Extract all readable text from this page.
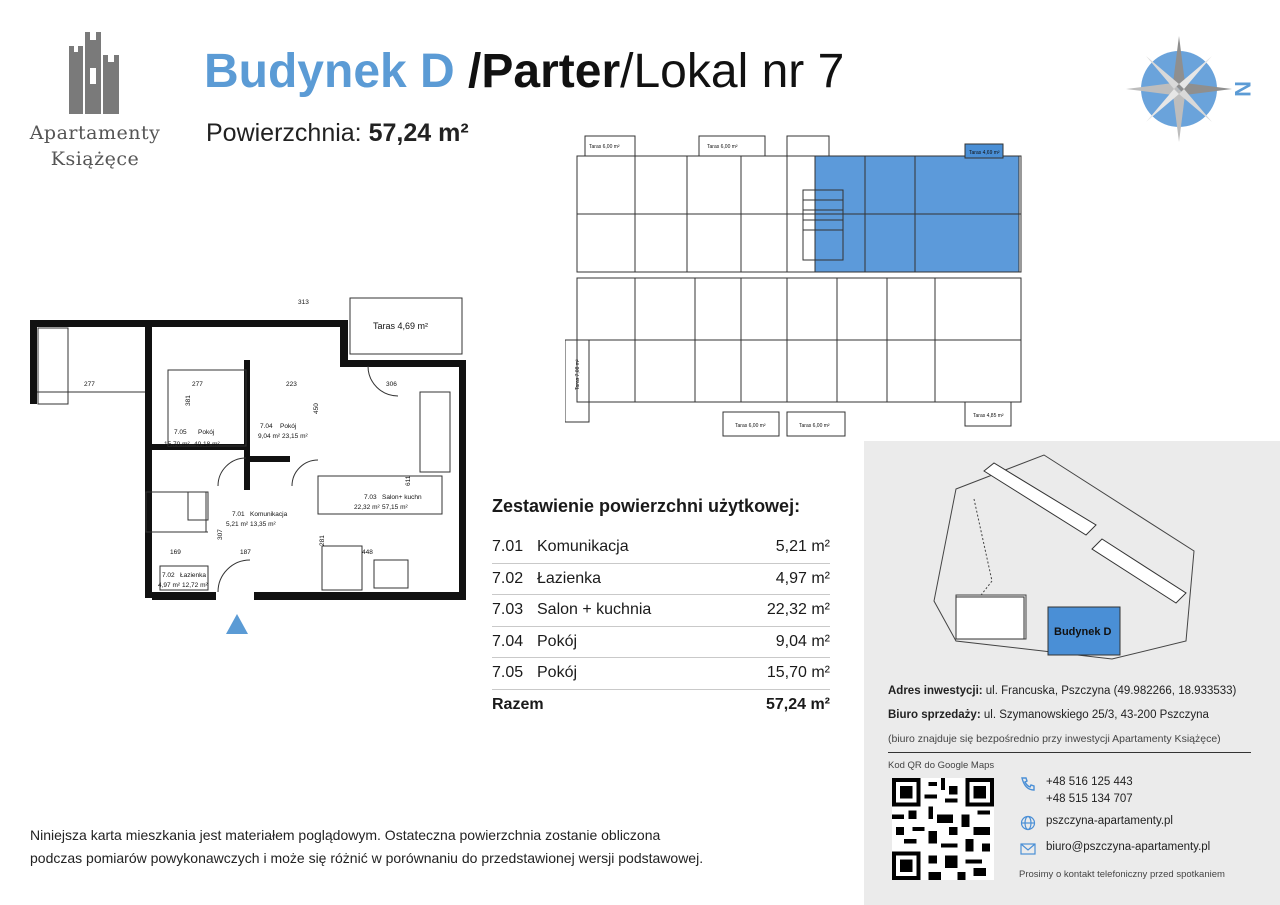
Apartamenty
Książęce
Budynek D /Parter/Lokal nr 7
Powierzchnia: 57,24 m²
N
Taras 6,00 m²	Taras 6,00 m²
Taras 4,69 m²
Taras 7,08 m²
Taras 6,00 m²	Taras 6,00 m²
Taras 4,85 m²
Taras 4,69 m²
313
277	277	223	306
381
450
611
169	187	448
307
281
7.05 Pokój
15,70 m² 40,18 m²
7.04 Pokój
9,04 m² 23,15 m²
7.03 Salon+ kuchn
22,32 m² 57,15 m²
7.01 Komunikacja
5,21 m² 13,35 m²
7.02 Łazienka
4,97 m² 12,72 m²
Zestawienie powierzchni użytkowej:
7.01 Komunikacja	5,21 m²
7.02 Łazienka	4,97 m²
7.03 Salon + kuchnia	22,32 m²
7.04 Pokój	9,04 m²
7.05 Pokój	15,70 m²
Razem	57,24 m²
Niniejsza karta mieszkania jest materiałem poglądowym. Ostateczna powierzchnia zostanie obliczona
podczas pomiarów powykonawczych i może się różnić w porównaniu do przedstawionej wersji podstawowej.
Budynek D
Adres inwestycji: ul. Francuska, Pszczyna (49.982266, 18.933533)
Biuro sprzedaży: ul. Szymanowskiego 25/3, 43-200 Pszczyna
(biuro znajduje się bezpośrednio przy inwestycji Apartamenty Książęce)
Kod QR do Google Maps
+48 516 125 443
+48 515 134 707
pszczyna-apartamenty.pl
biuro@pszczyna-apartamenty.pl
Prosimy o kontakt telefoniczny przed spotkaniem
